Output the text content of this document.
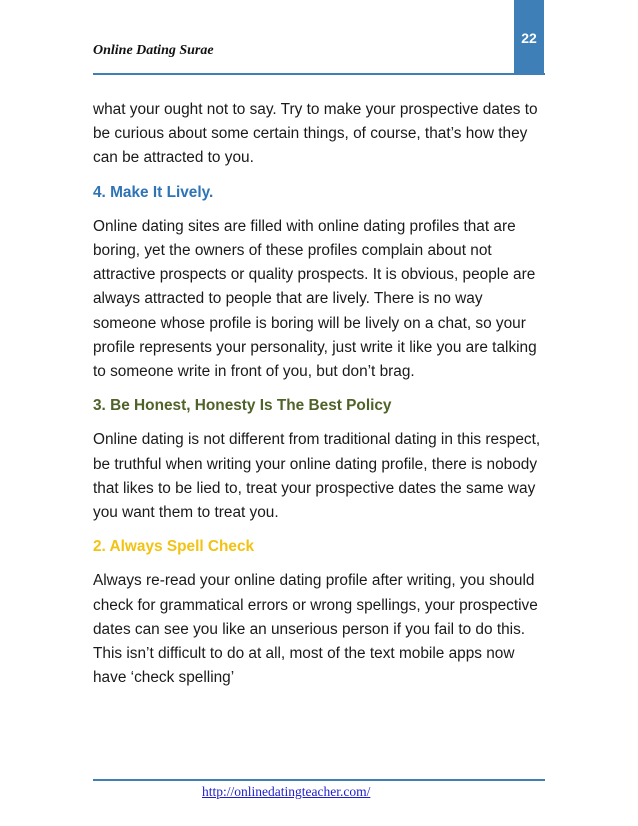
22
Online Dating Surae

what your ought not to say. Try to make your prospective dates to be curious about some certain things, of course, that’s how they can be attracted to you.

4. Make It Lively.

Online dating sites are filled with online dating profiles that are boring, yet the owners of these profiles complain about not attractive prospects or quality prospects. It is obvious, people are always attracted to people that are lively. There is no way someone whose profile is boring will be lively on a chat, so your profile represents your personality, just write it like you are talking to someone write in front of you, but don’t brag.

3. Be Honest, Honesty Is The Best Policy

Online dating is not different from traditional dating in this respect, be truthful when writing your online dating profile, there is nobody that likes to be lied to, treat your prospective dates the same way you want them to treat you.

2. Always Spell Check

Always re-read your online dating profile after writing, you should check for grammatical errors or wrong spellings, your prospective dates can see you like an unserious person if you fail to do this. This isn’t difficult to do at all, most of the text mobile apps now have ‘check spelling’

http://onlinedatingteacher.com/
